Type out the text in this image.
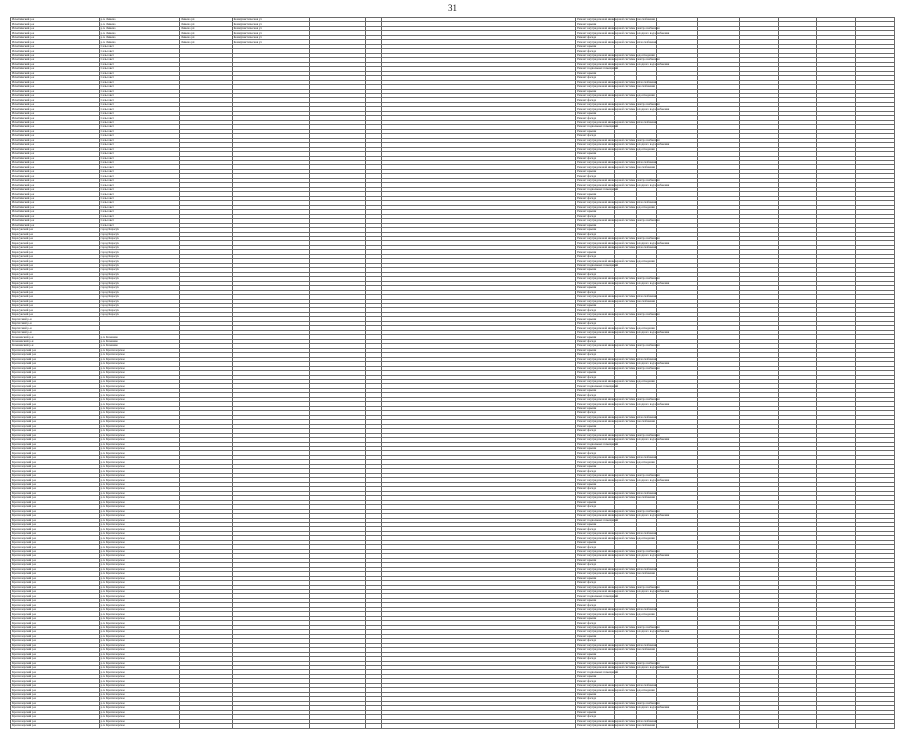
31
Искитимский р-н	р.п. Линево	Линево рп	Коммунистическая ул				Ремонт внутридомовой инженерной системы газоснабжения								
Искитимский р-н	р.п. Линево	Линево рп	Коммунистическая ул				Ремонт крыши								
Искитимский р-н	р.п. Линево	Линево рп	Коммунистическая ул				Ремонт внутридомовой инженерной системы электроснабжения								
Искитимский р-н	р.п. Линево	Линево рп	Коммунистическая ул				Ремонт внутридомовой инженерной системы холодного водоснабжения								
Искитимский р-н	р.п. Линево	Линево рп	Коммунистическая ул				Ремонт фасада								
Искитимский р-н	р.п. Линево	Линево рп	Коммунистическая ул				Ремонт внутридомовой инженерной системы теплоснабжения								
Искитимский р-н	Сельсовет						Ремонт крыши								
Искитимский р-н	Сельсовет						Ремонт фасада								
Искитимский р-н	Сельсовет						Ремонт внутридомовой инженерной системы водоотведения								
Искитимский р-н	Сельсовет						Ремонт внутридомовой инженерной системы электроснабжения								
Искитимский р-н	Сельсовет						Ремонт внутридомовой инженерной системы холодного водоснабжения								
Искитимский р-н	Сельсовет						Ремонт подвальных помещений								
Искитимский р-н	Сельсовет						Ремонт крыши								
Искитимский р-н	Сельсовет						Ремонт фасада								
Искитимский р-н	Сельсовет						Ремонт внутридомовой инженерной системы теплоснабжения								
Искитимский р-н	Сельсовет						Ремонт внутридомовой инженерной системы газоснабжения								
Искитимский р-н	Сельсовет						Ремонт крыши								
Искитимский р-н	Сельсовет						Ремонт внутридомовой инженерной системы водоотведения								
Искитимский р-н	Сельсовет						Ремонт фасада								
Искитимский р-н	Сельсовет						Ремонт внутридомовой инженерной системы электроснабжения								
Искитимский р-н	Сельсовет						Ремонт внутридомовой инженерной системы холодного водоснабжения								
Искитимский р-н	Сельсовет						Ремонт крыши								
Искитимский р-н	Сельсовет						Ремонт фасада								
Искитимский р-н	Сельсовет						Ремонт внутридомовой инженерной системы теплоснабжения								
Искитимский р-н	Сельсовет						Ремонт подвальных помещений								
Искитимский р-н	Сельсовет						Ремонт крыши								
Искитимский р-н	Сельсовет						Ремонт фасада								
Искитимский р-н	Сельсовет						Ремонт внутридомовой инженерной системы электроснабжения								
Искитимский р-н	Сельсовет						Ремонт внутридомовой инженерной системы холодного водоснабжения								
Искитимский р-н	Сельсовет						Ремонт внутридомовой инженерной системы водоотведения								
Искитимский р-н	Сельсовет						Ремонт крыши								
Искитимский р-н	Сельсовет						Ремонт фасада								
Искитимский р-н	Сельсовет						Ремонт внутридомовой инженерной системы теплоснабжения								
Искитимский р-н	Сельсовет						Ремонт внутридомовой инженерной системы газоснабжения								
Искитимский р-н	Сельсовет						Ремонт крыши								
Искитимский р-н	Сельсовет						Ремонт фасада								
Искитимский р-н	Сельсовет						Ремонт внутридомовой инженерной системы электроснабжения								
Искитимский р-н	Сельсовет						Ремонт внутридомовой инженерной системы холодного водоснабжения								
Искитимский р-н	Сельсовет						Ремонт подвальных помещений								
Искитимский р-н	Сельсовет						Ремонт крыши								
Искитимский р-н	Сельсовет						Ремонт фасада								
Искитимский р-н	Сельсовет						Ремонт внутридомовой инженерной системы теплоснабжения								
Искитимский р-н	Сельсовет						Ремонт внутридомовой инженерной системы водоотведения								
Искитимский р-н	Сельсовет						Ремонт крыши								
Искитимский р-н	Сельсовет						Ремонт фасада								
Искитимский р-н	Сельсовет						Ремонт внутридомовой инженерной системы электроснабжения								
Искитимский р-н	Сельсовет						Ремонт крыши								
Карасукский р-н	город Карасук						Ремонт крыши								
Карасукский р-н	город Карасук						Ремонт фасада								
Карасукский р-н	город Карасук						Ремонт внутридомовой инженерной системы электроснабжения								
Карасукский р-н	город Карасук						Ремонт внутридомовой инженерной системы холодного водоснабжения								
Карасукский р-н	город Карасук						Ремонт внутридомовой инженерной системы теплоснабжения								
Карасукский р-н	город Карасук						Ремонт крыши								
Карасукский р-н	город Карасук						Ремонт фасада								
Карасукский р-н	город Карасук						Ремонт внутридомовой инженерной системы водоотведения								
Карасукский р-н	город Карасук						Ремонт подвальных помещений								
Карасукский р-н	город Карасук						Ремонт крыши								
Карасукский р-н	город Карасук						Ремонт фасада								
Карасукский р-н	город Карасук						Ремонт внутридомовой инженерной системы электроснабжения								
Карасукский р-н	город Карасук						Ремонт внутридомовой инженерной системы холодного водоснабжения								
Карасукский р-н	город Карасук						Ремонт крыши								
Карасукский р-н	город Карасук						Ремонт фасада								
Карасукский р-н	город Карасук						Ремонт внутридомовой инженерной системы теплоснабжения								
Карасукский р-н	город Карасук						Ремонт внутридомовой инженерной системы газоснабжения								
Карасукский р-н	город Карасук						Ремонт крыши								
Карасукский р-н	город Карасук						Ремонт фасада								
Карасукский р-н	город Карасук						Ремонт внутридомовой инженерной системы электроснабжения								
Каргатский р-н							Ремонт крыши								
Каргатский р-н							Ремонт фасада								
Каргатский р-н							Ремонт внутридомовой инженерной системы водоотведения								
Каргатский р-н							Ремонт внутридомовой инженерной системы холодного водоснабжения								
Коченевский р-н	р.п. Коченево						Ремонт крыши								
Коченевский р-н	р.п. Коченево						Ремонт фасада								
Коченевский р-н	р.п. Коченево						Ремонт внутридомовой инженерной системы электроснабжения								
Краснозерский р-н	р.п. Краснозерское						Ремонт крыши								
Краснозерский р-н	р.п. Краснозерское						Ремонт фасада								
Краснозерский р-н	р.п. Краснозерское						Ремонт внутридомовой инженерной системы теплоснабжения								
Краснозерский р-н	р.п. Краснозерское						Ремонт внутридомовой инженерной системы холодного водоснабжения								
Краснозерский р-н	р.п. Краснозерское						Ремонт внутридомовой инженерной системы электроснабжения								
Краснозерский р-н	р.п. Краснозерское						Ремонт крыши								
Краснозерский р-н	р.п. Краснозерское						Ремонт фасада								
Краснозерский р-н	р.п. Краснозерское						Ремонт внутридомовой инженерной системы водоотведения								
Краснозерский р-н	р.п. Краснозерское						Ремонт подвальных помещений								
Краснозерский р-н	р.п. Краснозерское						Ремонт крыши								
Краснозерский р-н	р.п. Краснозерское						Ремонт фасада								
Краснозерский р-н	р.п. Краснозерское						Ремонт внутридомовой инженерной системы электроснабжения								
Краснозерский р-н	р.п. Краснозерское						Ремонт внутридомовой инженерной системы холодного водоснабжения								
Краснозерский р-н	р.п. Краснозерское						Ремонт крыши								
Краснозерский р-н	р.п. Краснозерское						Ремонт фасада								
Краснозерский р-н	р.п. Краснозерское						Ремонт внутридомовой инженерной системы теплоснабжения								
Краснозерский р-н	р.п. Краснозерское						Ремонт внутридомовой инженерной системы газоснабжения								
Краснозерский р-н	р.п. Краснозерское						Ремонт крыши								
Краснозерский р-н	р.п. Краснозерское						Ремонт фасада								
Краснозерский р-н	р.п. Краснозерское						Ремонт внутридомовой инженерной системы электроснабжения								
Краснозерский р-н	р.п. Краснозерское						Ремонт внутридомовой инженерной системы холодного водоснабжения								
Краснозерский р-н	р.п. Краснозерское						Ремонт подвальных помещений								
Краснозерский р-н	р.п. Краснозерское						Ремонт крыши								
Краснозерский р-н	р.п. Краснозерское						Ремонт фасада								
Краснозерский р-н	р.п. Краснозерское						Ремонт внутридомовой инженерной системы теплоснабжения								
Краснозерский р-н	р.п. Краснозерское						Ремонт внутридомовой инженерной системы водоотведения								
Краснозерский р-н	р.п. Краснозерское						Ремонт крыши								
Краснозерский р-н	р.п. Краснозерское						Ремонт фасада								
Краснозерский р-н	р.п. Краснозерское						Ремонт внутридомовой инженерной системы электроснабжения								
Краснозерский р-н	р.п. Краснозерское						Ремонт внутридомовой инженерной системы холодного водоснабжения								
Краснозерский р-н	р.п. Краснозерское						Ремонт крыши								
Краснозерский р-н	р.п. Краснозерское						Ремонт фасада								
Краснозерский р-н	р.п. Краснозерское						Ремонт внутридомовой инженерной системы теплоснабжения								
Краснозерский р-н	р.п. Краснозерское						Ремонт внутридомовой инженерной системы газоснабжения								
Краснозерский р-н	р.п. Краснозерское						Ремонт крыши								
Краснозерский р-н	р.п. Краснозерское						Ремонт фасада								
Краснозерский р-н	р.п. Краснозерское						Ремонт внутридомовой инженерной системы электроснабжения								
Краснозерский р-н	р.п. Краснозерское						Ремонт внутридомовой инженерной системы холодного водоснабжения								
Краснозерский р-н	р.п. Краснозерское						Ремонт подвальных помещений								
Краснозерский р-н	р.п. Краснозерское						Ремонт крыши								
Краснозерский р-н	р.п. Краснозерское						Ремонт фасада								
Краснозерский р-н	р.п. Краснозерское						Ремонт внутридомовой инженерной системы теплоснабжения								
Краснозерский р-н	р.п. Краснозерское						Ремонт внутридомовой инженерной системы водоотведения								
Краснозерский р-н	р.п. Краснозерское						Ремонт крыши								
Краснозерский р-н	р.п. Краснозерское						Ремонт фасада								
Краснозерский р-н	р.п. Краснозерское						Ремонт внутридомовой инженерной системы электроснабжения								
Краснозерский р-н	р.п. Краснозерское						Ремонт внутридомовой инженерной системы холодного водоснабжения								
Краснозерский р-н	р.п. Краснозерское						Ремонт крыши								
Краснозерский р-н	р.п. Краснозерское						Ремонт фасада								
Краснозерский р-н	р.п. Краснозерское						Ремонт внутридомовой инженерной системы теплоснабжения								
Краснозерский р-н	р.п. Краснозерское						Ремонт внутридомовой инженерной системы газоснабжения								
Краснозерский р-н	р.п. Краснозерское						Ремонт крыши								
Краснозерский р-н	р.п. Краснозерское						Ремонт фасада								
Краснозерский р-н	р.п. Краснозерское						Ремонт внутридомовой инженерной системы электроснабжения								
Краснозерский р-н	р.п. Краснозерское						Ремонт внутридомовой инженерной системы холодного водоснабжения								
Краснозерский р-н	р.п. Краснозерское						Ремонт подвальных помещений								
Краснозерский р-н	р.п. Краснозерское						Ремонт крыши								
Краснозерский р-н	р.п. Краснозерское						Ремонт фасада								
Краснозерский р-н	р.п. Краснозерское						Ремонт внутридомовой инженерной системы теплоснабжения								
Краснозерский р-н	р.п. Краснозерское						Ремонт внутридомовой инженерной системы водоотведения								
Краснозерский р-н	р.п. Краснозерское						Ремонт крыши								
Краснозерский р-н	р.п. Краснозерское						Ремонт фасада								
Краснозерский р-н	р.п. Краснозерское						Ремонт внутридомовой инженерной системы электроснабжения								
Краснозерский р-н	р.п. Краснозерское						Ремонт внутридомовой инженерной системы холодного водоснабжения								
Краснозерский р-н	р.п. Краснозерское						Ремонт крыши								
Краснозерский р-н	р.п. Краснозерское						Ремонт фасада								
Краснозерский р-н	р.п. Краснозерское						Ремонт внутридомовой инженерной системы теплоснабжения								
Краснозерский р-н	р.п. Краснозерское						Ремонт внутридомовой инженерной системы газоснабжения								
Краснозерский р-н	р.п. Краснозерское						Ремонт крыши								
Краснозерский р-н	р.п. Краснозерское						Ремонт фасада								
Краснозерский р-н	р.п. Краснозерское						Ремонт внутридомовой инженерной системы электроснабжения								
Краснозерский р-н	р.п. Краснозерское						Ремонт внутридомовой инженерной системы холодного водоснабжения								
Краснозерский р-н	р.п. Краснозерское						Ремонт подвальных помещений								
Краснозерский р-н	р.п. Краснозерское						Ремонт крыши								
Краснозерский р-н	р.п. Краснозерское						Ремонт фасада								
Краснозерский р-н	р.п. Краснозерское						Ремонт внутридомовой инженерной системы теплоснабжения								
Краснозерский р-н	р.п. Краснозерское						Ремонт внутридомовой инженерной системы водоотведения								
Краснозерский р-н	р.п. Краснозерское						Ремонт крыши								
Краснозерский р-н	р.п. Краснозерское						Ремонт фасада								
Краснозерский р-н	р.п. Краснозерское						Ремонт внутридомовой инженерной системы электроснабжения								
Краснозерский р-н	р.п. Краснозерское						Ремонт внутридомовой инженерной системы холодного водоснабжения								
Краснозерский р-н	р.п. Краснозерское						Ремонт крыши								
Краснозерский р-н	р.п. Краснозерское						Ремонт фасада								
Краснозерский р-н	р.п. Краснозерское						Ремонт внутридомовой инженерной системы теплоснабжения								
Краснозерский р-н	р.п. Краснозерское						Ремонт внутридомовой инженерной системы газоснабжения								
